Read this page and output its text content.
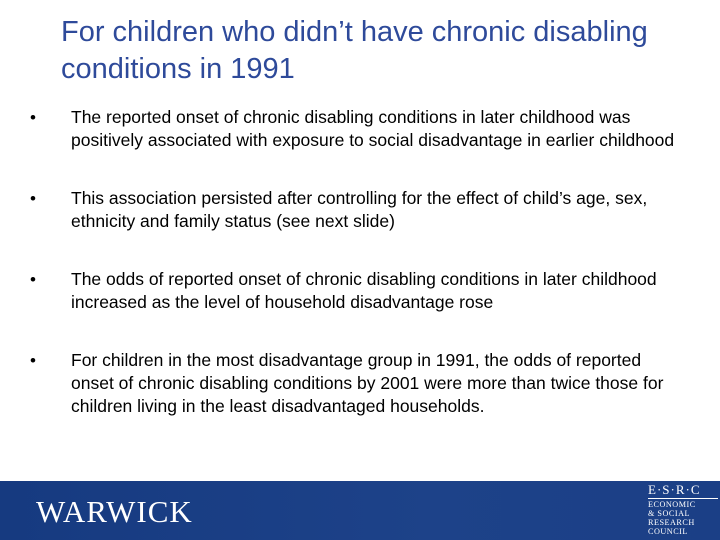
For children who didn’t have chronic disabling conditions in 1991
• The reported onset of chronic disabling conditions in later childhood was positively associated with exposure to social disadvantage in earlier childhood
• This association persisted after controlling for the effect of child’s age, sex, ethnicity and family status (see next slide)
• The odds of reported onset of chronic disabling conditions in later childhood increased as the level of household disadvantage rose
• For children in the most disadvantage group in 1991, the odds of reported onset of chronic disabling conditions by 2001 were more than twice those for children living in the least disadvantaged households.
WARWICK
E·S·R·C
ECONOMIC
& SOCIAL
RESEARCH
COUNCIL
